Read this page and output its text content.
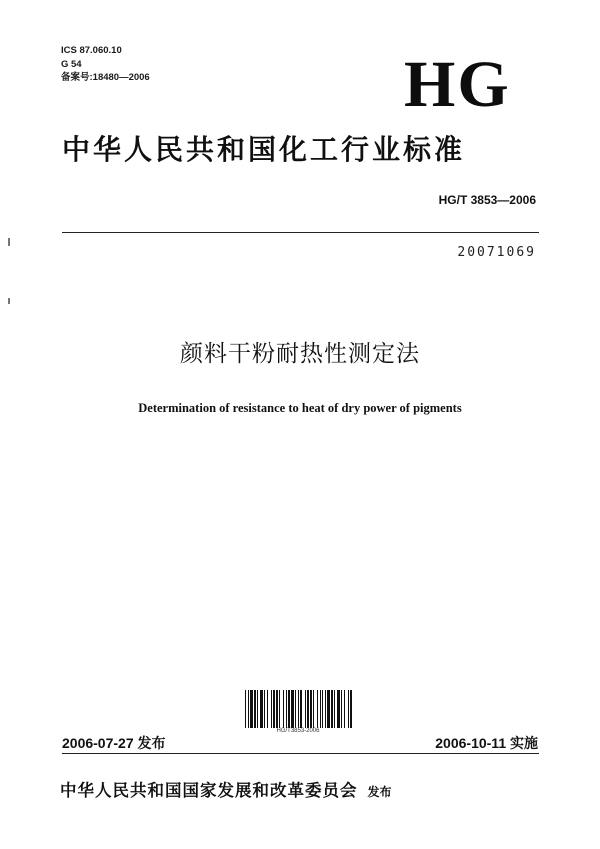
ICS 87.060.10
G 54
备案号:18480—2006	HG
中华人民共和国化工行业标准
HG/T 3853—2006
20071069
颜料干粉耐热性测定法
Determination of resistance to heat of dry power of pigments
HG/T3853-2006
2006-07-27 发布	2006-10-11 实施
中华人民共和国国家发展和改革委员会 发布
